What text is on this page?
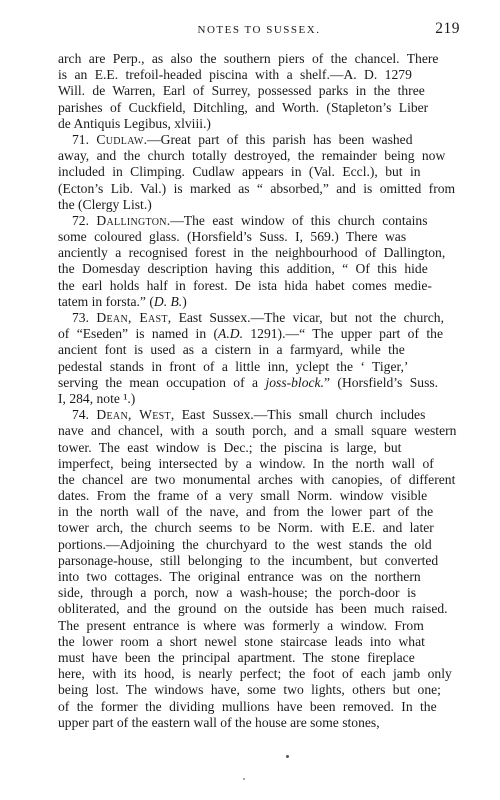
NOTES TO SUSSEX.	219
arch are Perp., as also the southern piers of the chancel. There
is an E.E. trefoil-headed piscina with a shelf.—A. D. 1279
Will. de Warren, Earl of Surrey, possessed parks in the three
parishes of Cuckfield, Ditchling, and Worth. (Stapleton’s Liber
de Antiquis Legibus, xlviii.)
71. Cudlaw.—Great part of this parish has been washed
away, and the church totally destroyed, the remainder being now
included in Climping. Cudlaw appears in (Val. Eccl.), but in
(Ecton’s Lib. Val.) is marked as “ absorbed,” and is omitted from
the (Clergy List.)
72. Dallington.—The east window of this church contains
some coloured glass. (Horsfield’s Suss. I, 569.) There was
anciently a recognised forest in the neighbourhood of Dallington,
the Domesday description having this addition, “ Of this hide
the earl holds half in forest. De ista hida habet comes medie-
tatem in forsta.” (D. B.)
73. Dean, East, East Sussex.—The vicar, but not the church,
of “Eseden” is named in (A.D. 1291).—“ The upper part of the
ancient font is used as a cistern in a farmyard, while the
pedestal stands in front of a little inn, yclept the ‘ Tiger,’
serving the mean occupation of a joss-block.” (Horsfield’s Suss.
I, 284, note ¹.)
74. Dean, West, East Sussex.—This small church includes
nave and chancel, with a south porch, and a small square western
tower. The east window is Dec.; the piscina is large, but
imperfect, being intersected by a window. In the north wall of
the chancel are two monumental arches with canopies, of different
dates. From the frame of a very small Norm. window visible
in the north wall of the nave, and from the lower part of the
tower arch, the church seems to be Norm. with E.E. and later
portions.—Adjoining the churchyard to the west stands the old
parsonage-house, still belonging to the incumbent, but converted
into two cottages. The original entrance was on the northern
side, through a porch, now a wash-house; the porch-door is
obliterated, and the ground on the outside has been much raised.
The present entrance is where was formerly a window. From
the lower room a short newel stone staircase leads into what
must have been the principal apartment. The stone fireplace
here, with its hood, is nearly perfect; the foot of each jamb only
being lost. The windows have, some two lights, others but one;
of the former the dividing mullions have been removed. In the
upper part of the eastern wall of the house are some stones,
